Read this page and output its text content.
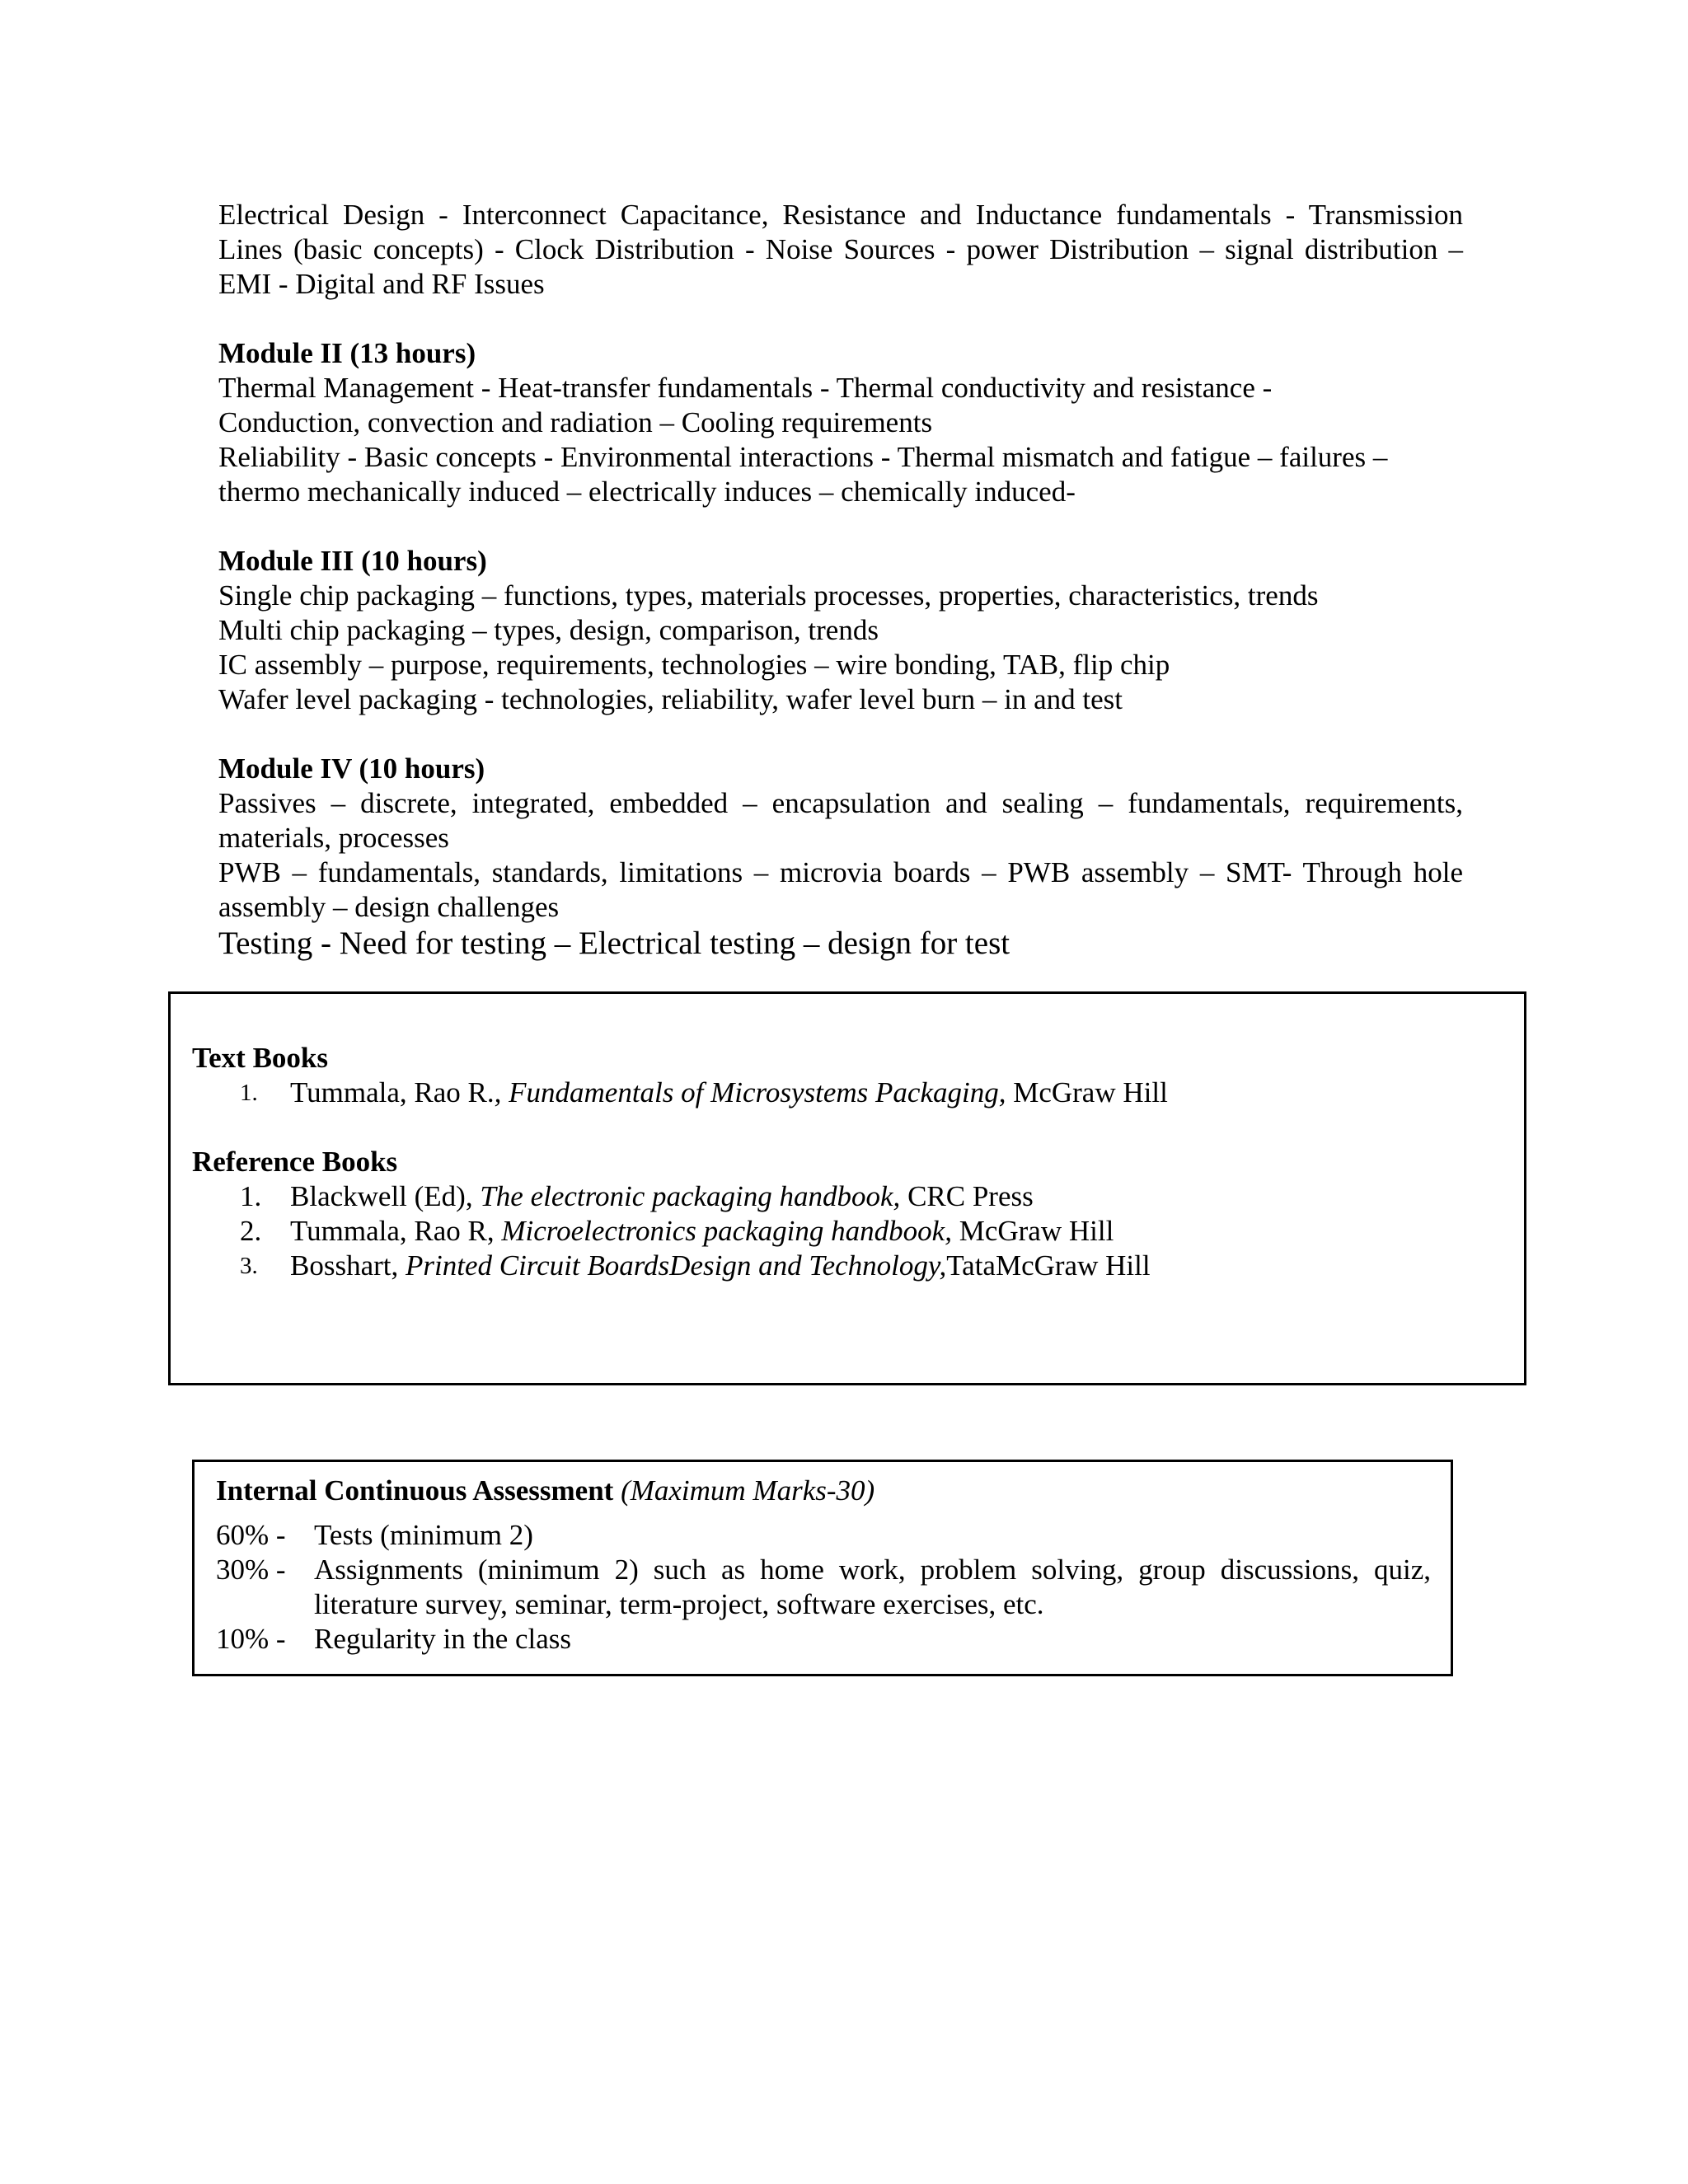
Electrical Design - Interconnect Capacitance, Resistance and Inductance fundamentals - Transmission Lines (basic concepts) - Clock Distribution - Noise Sources - power Distribution – signal distribution – EMI - Digital and RF Issues

Module II (13 hours)

Thermal Management - Heat-transfer fundamentals - Thermal conductivity and resistance -

Conduction, convection and radiation – Cooling requirements

Reliability - Basic concepts - Environmental interactions - Thermal mismatch and fatigue – failures –

thermo mechanically induced – electrically induces – chemically induced-

Module III (10 hours)

Single chip packaging – functions, types, materials processes, properties, characteristics, trends

Multi chip packaging – types, design, comparison, trends

IC assembly – purpose, requirements, technologies – wire bonding, TAB, flip chip

Wafer level packaging - technologies, reliability, wafer level burn – in and test

Module IV (10 hours)

Passives – discrete, integrated, embedded – encapsulation and sealing – fundamentals, requirements, materials, processes

PWB – fundamentals, standards, limitations – microvia boards – PWB assembly – SMT- Through hole assembly – design challenges

Testing - Need for testing – Electrical testing – design for test

Text Books

1.	Tummala, Rao R., Fundamentals of Microsystems Packaging, McGraw Hill

Reference Books

1. Blackwell (Ed), The electronic packaging handbook, CRC Press
2. Tummala, Rao R, Microelectronics packaging handbook, McGraw Hill
3.	Bosshart, Printed Circuit BoardsDesign and Technology,TataMcGraw Hill

Internal Continuous Assessment (Maximum Marks-30)

60% - Tests (minimum 2)
30% - Assignments (minimum 2) such as home work, problem solving, group discussions, quiz, literature survey, seminar, term-project, software exercises, etc.
10% - Regularity in the class
